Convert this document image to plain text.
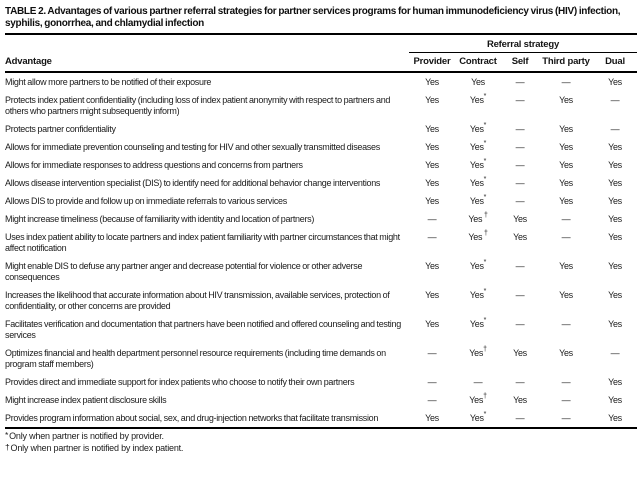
TABLE 2. Advantages of various partner referral strategies for partner services programs for human immunodeficiency virus (HIV) infection, syphilis, gonorrhea, and chlamydial infection
	Referral strategy				
Advantage	Provider	Contract	Self	Third party	Dual
Might allow more partners to be notified of their exposure	Yes	Yes	—	—	Yes
Protects index patient confidentiality (including loss of index patient anonymity with respect to partners and others who partners might subsequently inform)	Yes	Yes*	—	Yes	—
Protects partner confidentiality	Yes	Yes*	—	Yes	—
Allows for immediate prevention counseling and testing for HIV and other sexually transmitted diseases	Yes	Yes*	—	Yes	Yes
Allows for immediate responses to address questions and concerns from partners	Yes	Yes*	—	Yes	Yes
Allows disease intervention specialist (DIS) to identify need for additional behavior change interventions	Yes	Yes*	—	Yes	Yes
Allows DIS to provide and follow up on immediate referrals to various services	Yes	Yes*	—	Yes	Yes
Might increase timeliness (because of familiarity with identity and location of partners)	—	Yes †	Yes	—	Yes
Uses index patient ability to locate partners and index patient familiarity with partner circumstances that might affect notification	—	Yes †	Yes	—	Yes
Might enable DIS to defuse any partner anger and decrease potential for violence or other adverse consequences	Yes	Yes*	—	Yes	Yes
Increases the likelihood that accurate information about HIV transmission, available services, protection of confidentiality, or other concerns are provided	Yes	Yes*	—	Yes	Yes
Facilitates verification and documentation that partners have been notified and offered counseling and testing services	Yes	Yes*	—	—	Yes
Optimizes financial and health department personnel resource requirements (including time demands on program staff members)	—	Yes†	Yes	Yes	—
Provides direct and immediate support for index patients who choose to notify their own partners	—	—	—	—	Yes
Might increase index patient disclosure skills	—	Yes†	Yes	—	Yes
Provides program information about social, sex, and drug-injection networks that facilitate transmission	Yes	Yes*	—	—	Yes
*Only when partner is notified by provider.
†Only when partner is notified by index patient.
